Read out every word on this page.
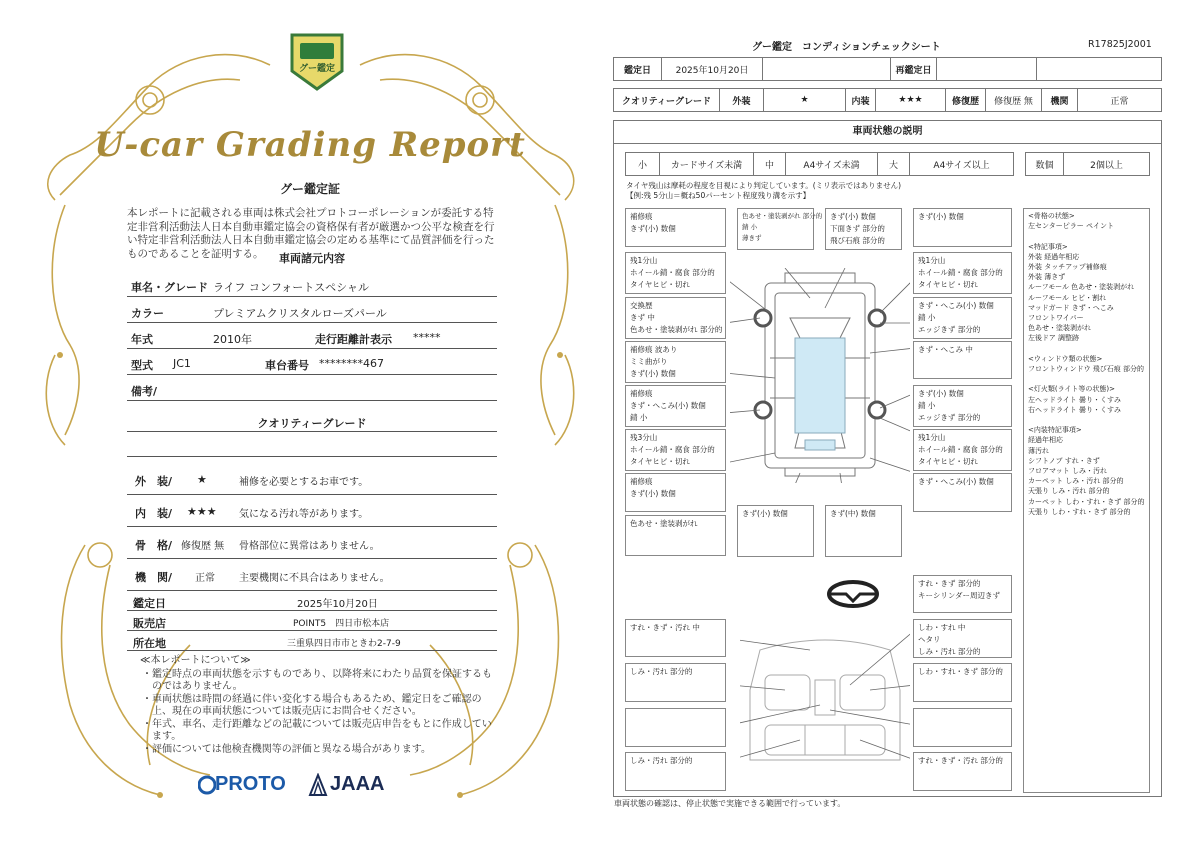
グー鑑定
U-car Grading Report
グー鑑定証
本レポートに記載される車両は株式会社プロトコーポレーションが委託する特定非営利活動法人日本自動車鑑定協会の資格保有者が厳選かつ公平な検査を行い特定非営利活動法人日本自動車鑑定協会の定める基準にて品質評価を行ったものであることを証明する。	車両諸元内容
車名・グレード ライフ コンフォートスペシャル
カラー	プレミアムクリスタルローズパール
年式	2010年	走行距離計表示 *****
型式 JC1	車台番号 ********467
備考/
クオリティーグレード
外　装/ ★	補修を必要とするお車です。
内　装/ ★★★ 気になる汚れ等があります。
骨　格/ 修復歴 無 骨格部位に異常はありません。
機　関/ 正常 主要機関に不具合はありません。
鑑定日	2025年10月20日
販売店	POINT5　四日市松本店
所在地	三重県四日市市ときわ2-7-9
≪本レポートについて≫
・鑑定時点の車両状態を示すものであり、以降将来にわたり品質を保証するものではありません。
・車両状態は時間の経過に伴い変化する場合もあるため、鑑定日をご確認の上、現在の車両状態については販売店にお問合せください。
・年式、車名、走行距離などの記載については販売店申告をもとに作成しています。
・評価については他検査機関等の評価と異なる場合があります。
PROTO JAAA
グー鑑定　コンディションチェックシート	R17825J2001
鑑定日	2025年10月20日	再鑑定日
クオリティーグレード	外装	★	内装	★★★	修復歴	修復歴 無	機関	正常
車両状態の説明
小	カードサイズ未満	中	A4サイズ未満	大	A4サイズ以上	数個	2個以上
タイヤ残山は摩耗の程度を目視により判定しています。(ミリ表示ではありません)
【例:残 5分山＝概ね50パーセント程度残り溝を示す】
補修痕
きず(小) 数個
残1分山
ホイール錆・腐食 部分的
タイヤヒビ・切れ
交換歴
きず 中
色あせ・塗装剥がれ 部分的
補修痕 波あり
ミミ曲がり
きず(小) 数個
補修痕
きず・へこみ(小) 数個
錆 小
残3分山
ホイール錆・腐食 部分的
タイヤヒビ・切れ
補修痕
きず(小) 数個
色あせ・塗装剥がれ
色あせ・塗装剥がれ 部分的
錆 小
薄きず
きず(小) 数個
下面きず 部分的
飛び石痕 部分的
きず(小) 数個
残1分山
ホイール錆・腐食 部分的
タイヤヒビ・切れ
きず・へこみ(小) 数個
錆 小
エッジきず 部分的
きず・へこみ 中
きず(小) 数個
錆 小
エッジきず 部分的
残1分山
ホイール錆・腐食 部分的
タイヤヒビ・切れ
きず・へこみ(小) 数個
きず(小) 数個	きず(中) 数個
<骨格の状態>
左センターピラー ペイント

<特記事項>
外装 経過年相応
外装 タッチアップ補修痕
外装 薄きず
ルーフモール 色あせ・塗装剥がれ
ルーフモール ヒビ・割れ
マッドガード きず・へこみ
フロントワイパー
色あせ・塗装剥がれ
左後ドア 調整跡

<ウィンドウ類の状態>
フロントウィンドウ 飛び石痕 部分的

<灯火類(ライト等の状態)>
左ヘッドライト 曇り・くすみ
右ヘッドライト 曇り・くすみ

<内装特記事項>
経過年相応
薄汚れ
シフトノブ すれ・きず
フロアマット しみ・汚れ
カーペット しみ・汚れ 部分的
天張り しみ・汚れ 部分的
カーペット しわ・すれ・きず 部分的
天張り しわ・すれ・きず 部分的
すれ・きず 部分的
キーシリンダー周辺きず
すれ・きず・汚れ 中
しみ・汚れ 部分的
しみ・汚れ 部分的
しわ・すれ 中
ヘタリ
しみ・汚れ 部分的
しわ・すれ・きず 部分的
すれ・きず・汚れ 部分的
車両状態の確認は、停止状態で実施できる範囲で行っています。
